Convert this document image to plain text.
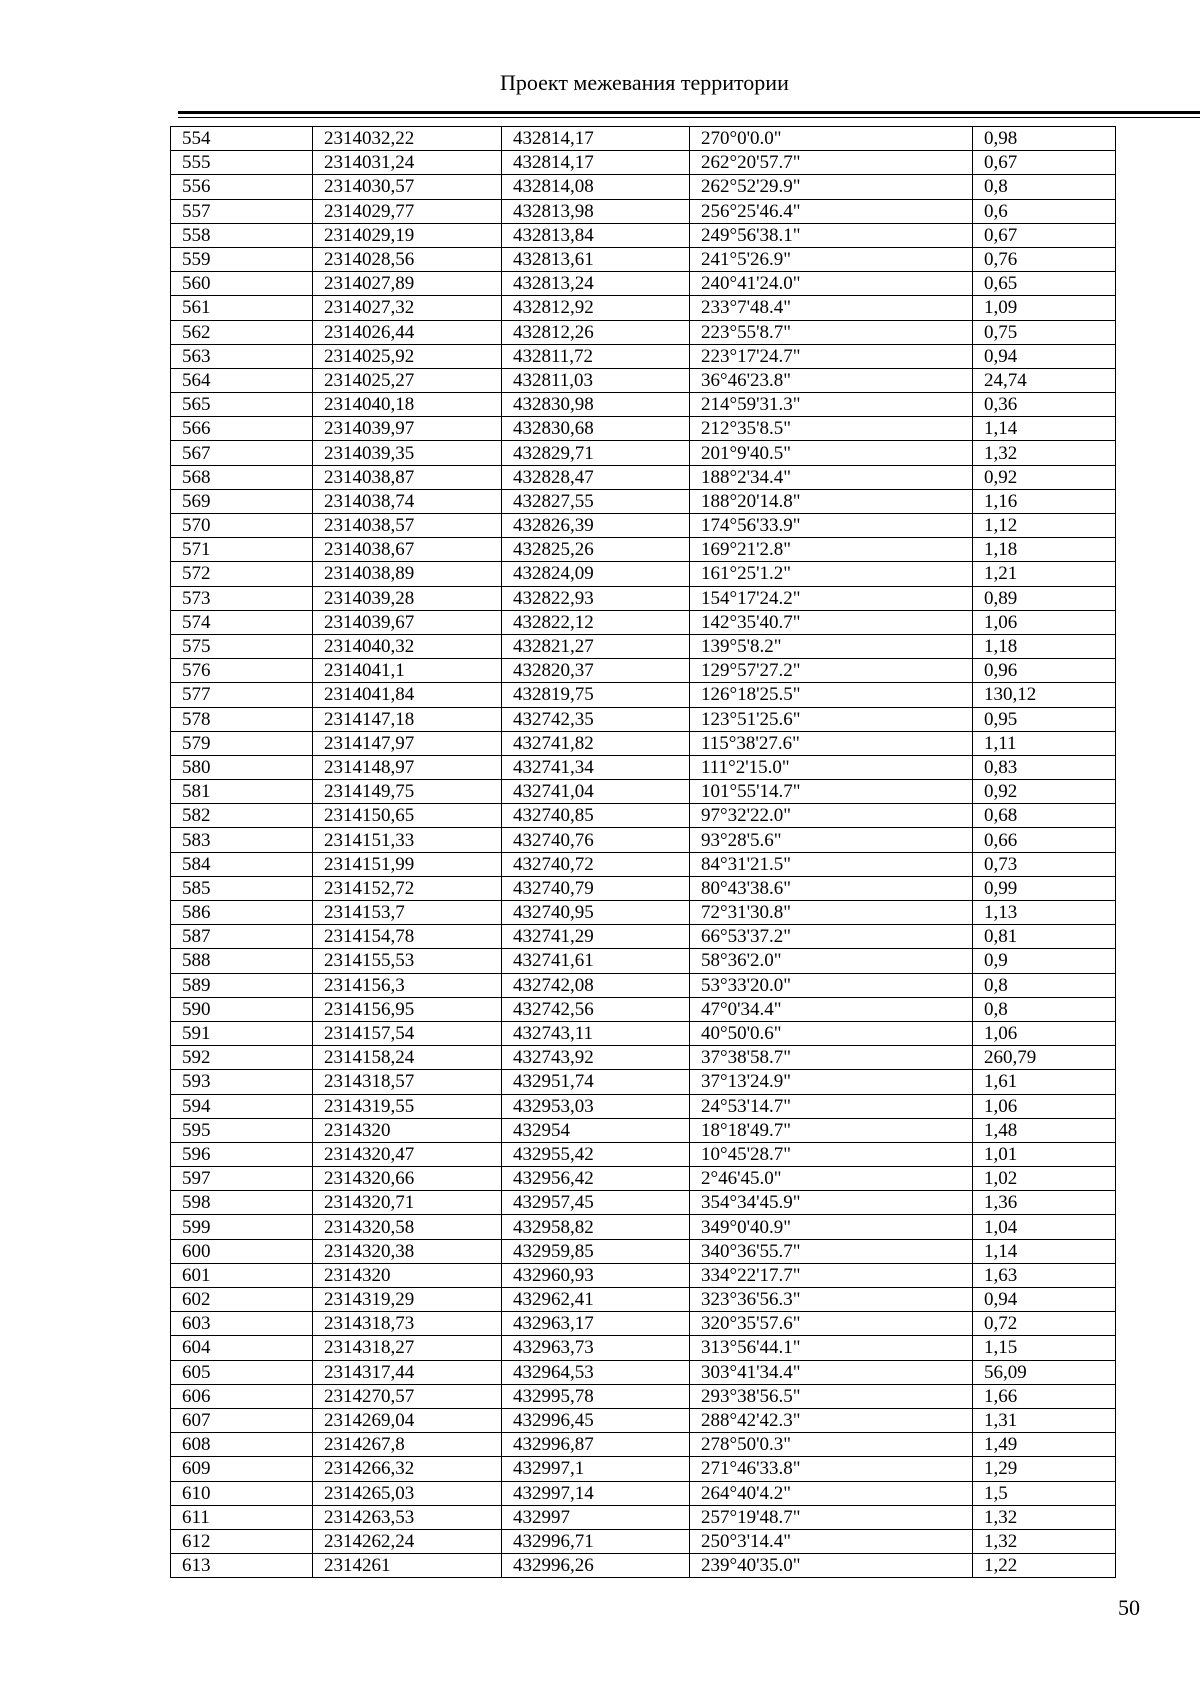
Проект межевания территории
554	2314032,22	432814,17	270°0'0.0"	0,98
555	2314031,24	432814,17	262°20'57.7"	0,67
556	2314030,57	432814,08	262°52'29.9"	0,8
557	2314029,77	432813,98	256°25'46.4"	0,6
558	2314029,19	432813,84	249°56'38.1"	0,67
559	2314028,56	432813,61	241°5'26.9"	0,76
560	2314027,89	432813,24	240°41'24.0"	0,65
561	2314027,32	432812,92	233°7'48.4"	1,09
562	2314026,44	432812,26	223°55'8.7"	0,75
563	2314025,92	432811,72	223°17'24.7"	0,94
564	2314025,27	432811,03	36°46'23.8"	24,74
565	2314040,18	432830,98	214°59'31.3"	0,36
566	2314039,97	432830,68	212°35'8.5"	1,14
567	2314039,35	432829,71	201°9'40.5"	1,32
568	2314038,87	432828,47	188°2'34.4"	0,92
569	2314038,74	432827,55	188°20'14.8"	1,16
570	2314038,57	432826,39	174°56'33.9"	1,12
571	2314038,67	432825,26	169°21'2.8"	1,18
572	2314038,89	432824,09	161°25'1.2"	1,21
573	2314039,28	432822,93	154°17'24.2"	0,89
574	2314039,67	432822,12	142°35'40.7"	1,06
575	2314040,32	432821,27	139°5'8.2"	1,18
576	2314041,1	432820,37	129°57'27.2"	0,96
577	2314041,84	432819,75	126°18'25.5"	130,12
578	2314147,18	432742,35	123°51'25.6"	0,95
579	2314147,97	432741,82	115°38'27.6"	1,11
580	2314148,97	432741,34	111°2'15.0"	0,83
581	2314149,75	432741,04	101°55'14.7"	0,92
582	2314150,65	432740,85	97°32'22.0"	0,68
583	2314151,33	432740,76	93°28'5.6"	0,66
584	2314151,99	432740,72	84°31'21.5"	0,73
585	2314152,72	432740,79	80°43'38.6"	0,99
586	2314153,7	432740,95	72°31'30.8"	1,13
587	2314154,78	432741,29	66°53'37.2"	0,81
588	2314155,53	432741,61	58°36'2.0"	0,9
589	2314156,3	432742,08	53°33'20.0"	0,8
590	2314156,95	432742,56	47°0'34.4"	0,8
591	2314157,54	432743,11	40°50'0.6"	1,06
592	2314158,24	432743,92	37°38'58.7"	260,79
593	2314318,57	432951,74	37°13'24.9"	1,61
594	2314319,55	432953,03	24°53'14.7"	1,06
595	2314320	432954	18°18'49.7"	1,48
596	2314320,47	432955,42	10°45'28.7"	1,01
597	2314320,66	432956,42	2°46'45.0"	1,02
598	2314320,71	432957,45	354°34'45.9"	1,36
599	2314320,58	432958,82	349°0'40.9"	1,04
600	2314320,38	432959,85	340°36'55.7"	1,14
601	2314320	432960,93	334°22'17.7"	1,63
602	2314319,29	432962,41	323°36'56.3"	0,94
603	2314318,73	432963,17	320°35'57.6"	0,72
604	2314318,27	432963,73	313°56'44.1"	1,15
605	2314317,44	432964,53	303°41'34.4"	56,09
606	2314270,57	432995,78	293°38'56.5"	1,66
607	2314269,04	432996,45	288°42'42.3"	1,31
608	2314267,8	432996,87	278°50'0.3"	1,49
609	2314266,32	432997,1	271°46'33.8"	1,29
610	2314265,03	432997,14	264°40'4.2"	1,5
611	2314263,53	432997	257°19'48.7"	1,32
612	2314262,24	432996,71	250°3'14.4"	1,32
613	2314261	432996,26	239°40'35.0"	1,22
50
